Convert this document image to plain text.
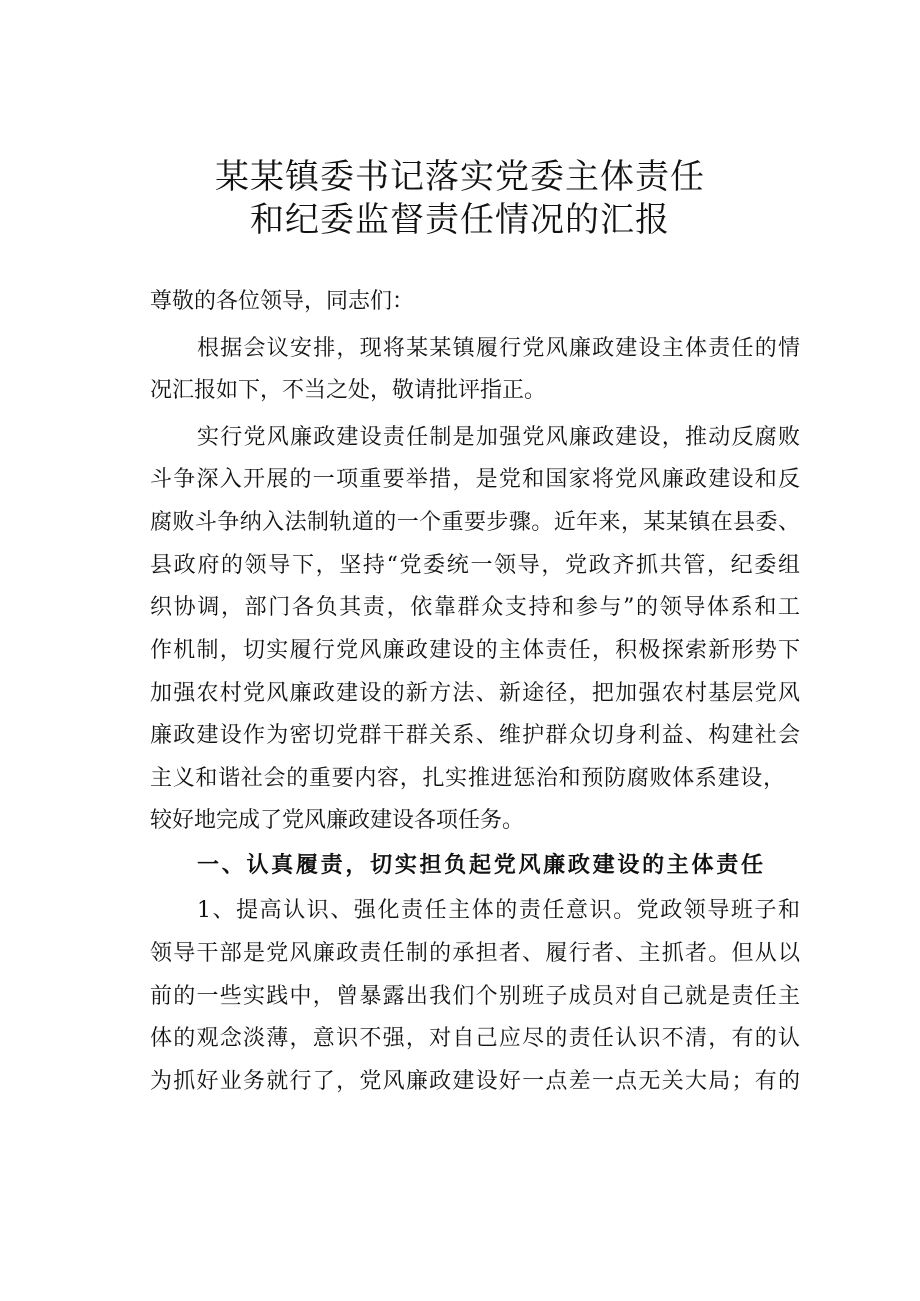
某某镇委书记落实党委主体责任
和纪委监督责任情况的汇报
尊敬的各位领导，同志们：
根据会议安排，现将某某镇履行党风廉政建设主体责任的情
况汇报如下，不当之处，敬请批评指正。
实行党风廉政建设责任制是加强党风廉政建设，推动反腐败
斗争深入开展的一项重要举措，是党和国家将党风廉政建设和反
腐败斗争纳入法制轨道的一个重要步骤。近年来，某某镇在县委、
县政府的领导下，坚持“党委统一领导，党政齐抓共管，纪委组
织协调，部门各负其责，依靠群众支持和参与”的领导体系和工
作机制，切实履行党风廉政建设的主体责任，积极探索新形势下
加强农村党风廉政建设的新方法、新途径，把加强农村基层党风
廉政建设作为密切党群干群关系、维护群众切身利益、构建社会
主义和谐社会的重要内容，扎实推进惩治和预防腐败体系建设，
较好地完成了党风廉政建设各项任务。
一、认真履责，切实担负起党风廉政建设的主体责任
1、提高认识、强化责任主体的责任意识。党政领导班子和
领导干部是党风廉政责任制的承担者、履行者、主抓者。但从以
前的一些实践中，曾暴露出我们个别班子成员对自己就是责任主
体的观念淡薄，意识不强，对自己应尽的责任认识不清，有的认
为抓好业务就行了，党风廉政建设好一点差一点无关大局；有的
